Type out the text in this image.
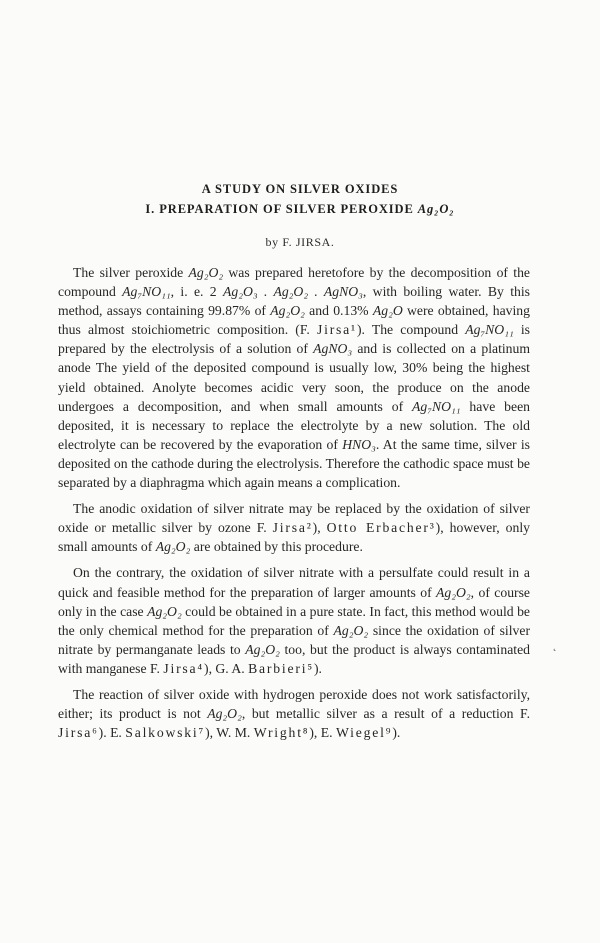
A STUDY ON SILVER OXIDES
I. PREPARATION OF SILVER PEROXIDE Ag₂O₂
by F. JIRSA.

The silver peroxide Ag₂O₂ was prepared heretofore by the decomposition of the compound Ag₇NO₁₁, i. e. 2 Ag₂O₃ . Ag₂O₂ . AgNO₃, with boiling water. By this method, assays containing 99.87% of Ag₂O₂ and 0.13% Ag₂O were obtained, having thus almost stoichiometric composition. (F. Jirsa¹). The compound Ag₇NO₁₁ is prepared by the electrolysis of a solution of AgNO₃ and is collected on a platinum anode The yield of the deposited compound is usually low, 30% being the highest yield obtained. Anolyte becomes acidic very soon, the produce on the anode undergoes a decomposition, and when small amounts of Ag₇NO₁₁ have been deposited, it is necessary to replace the electrolyte by a new solution. The old electrolyte can be recovered by the evaporation of HNO₃. At the same time, silver is deposited on the cathode during the electrolysis. Therefore the cathodic space must be separated by a diaphragma which again means a complication.

The anodic oxidation of silver nitrate may be replaced by the oxidation of silver oxide or metallic silver by ozone F. Jirsa²), Otto Erbacher³), however, only small amounts of Ag₂O₂ are obtained by this procedure.

On the contrary, the oxidation of silver nitrate with a persulfate could result in a quick and feasible method for the preparation of larger amounts of Ag₂O₂, of course only in the case Ag₂O₂ could be obtained in a pure state. In fact, this method would be the only chemical method for the preparation of Ag₂O₂ since the oxidation of silver nitrate by permanganate leads to Ag₂O₂ too, but the product is always contaminated with manganese F. Jirsa⁴), G. A. Barbieri⁵).

The reaction of silver oxide with hydrogen peroxide does not work satisfactorily, either; its product is not Ag₂O₂, but metallic silver as a result of a reduction F. Jirsa⁶). E. Salkowski⁷), W. M. Wright⁸), E. Wiegel⁹).

˛
